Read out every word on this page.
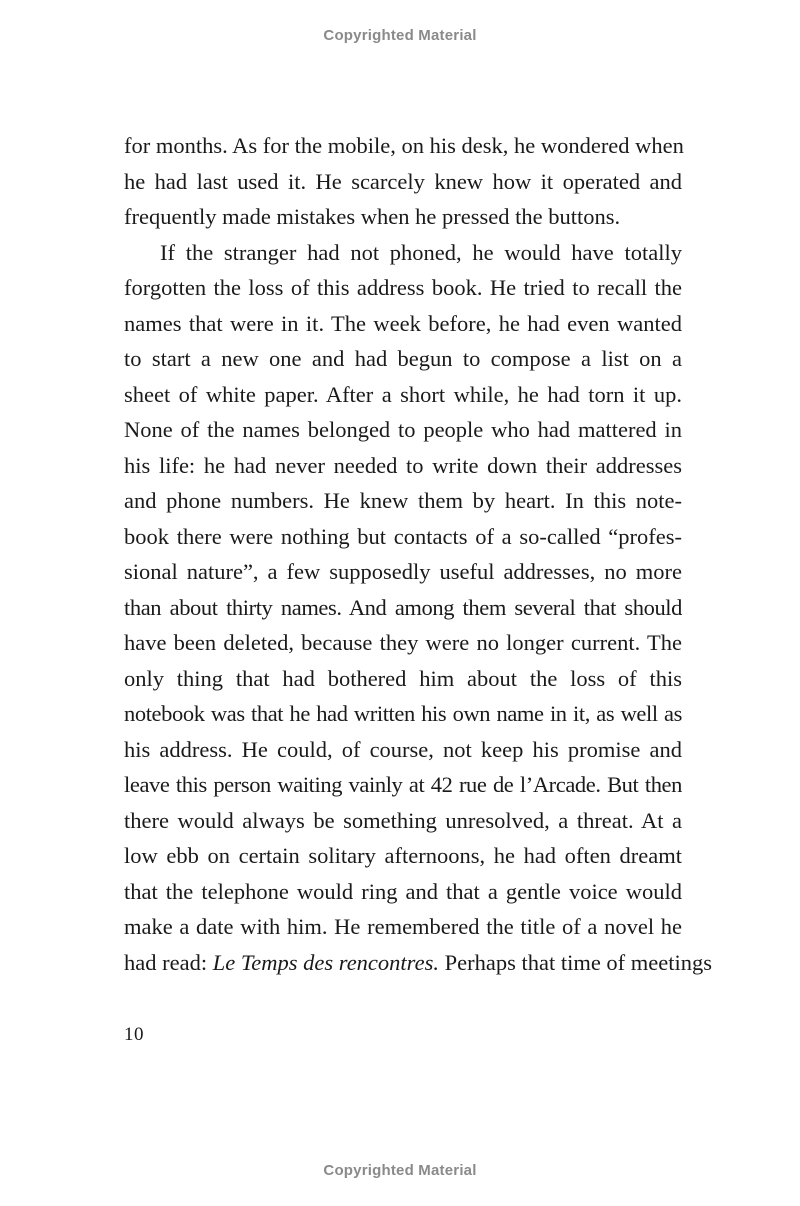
Copyrighted Material
for months. As for the mobile, on his desk, he wondered when
he had last used it. He scarcely knew how it operated and
frequently made mistakes when he pressed the buttons.
If the stranger had not phoned, he would have totally
forgotten the loss of this address book. He tried to recall the
names that were in it. The week before, he had even wanted
to start a new one and had begun to compose a list on a
sheet of white paper. After a short while, he had torn it up.
None of the names belonged to people who had mattered in
his life: he had never needed to write down their addresses
and phone numbers. He knew them by heart. In this note-
book there were nothing but contacts of a so-called “profes-
sional nature”, a few supposedly useful addresses, no more
than about thirty names. And among them several that should
have been deleted, because they were no longer current. The
only thing that had bothered him about the loss of this
notebook was that he had written his own name in it, as well as
his address. He could, of course, not keep his promise and
leave this person waiting vainly at 42 rue de l’Arcade. But then
there would always be something unresolved, a threat. At a
low ebb on certain solitary afternoons, he had often dreamt
that the telephone would ring and that a gentle voice would
make a date with him. He remembered the title of a novel he
had read: Le Temps des rencontres. Perhaps that time of meetings
10
Copyrighted Material
